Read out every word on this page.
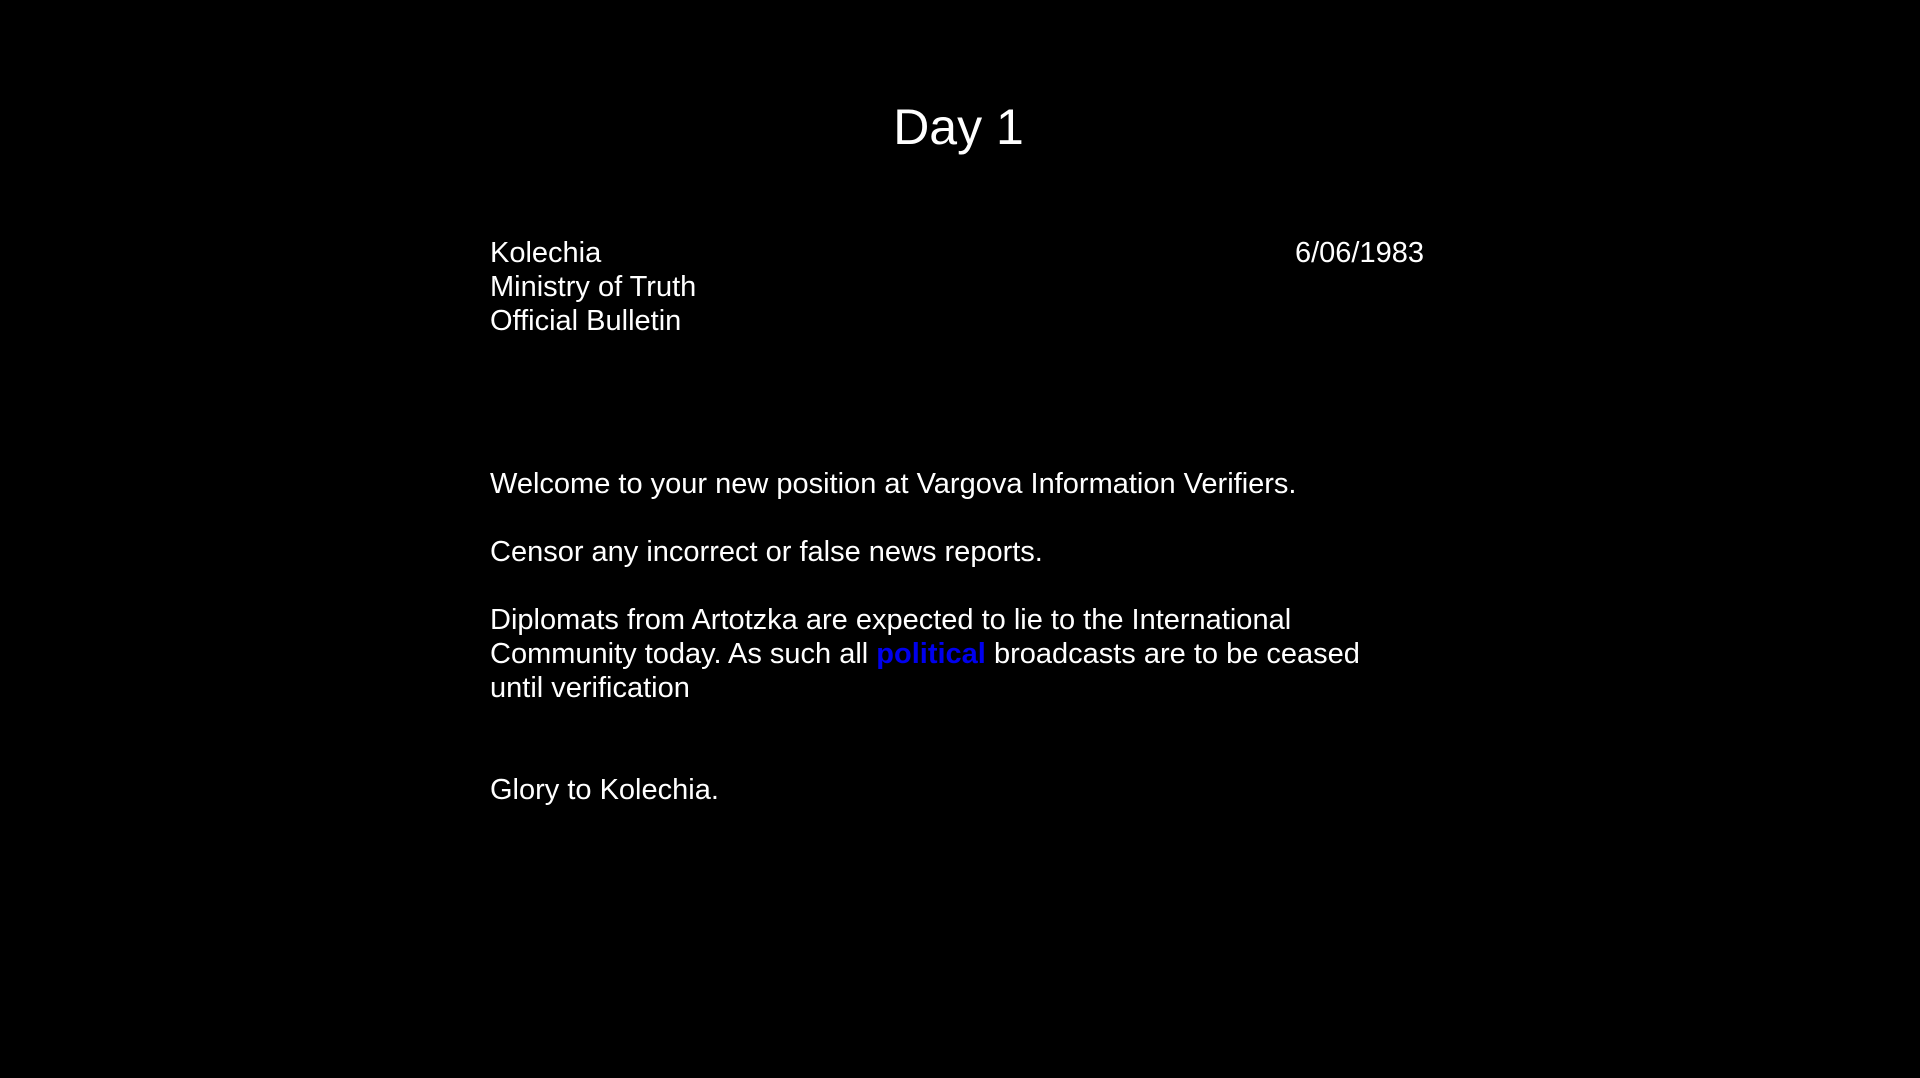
Day 1
Kolechia
Ministry of Truth
Official Bulletin
6/06/1983
Welcome to your new position at Vargova Information Verifiers.
Censor any incorrect or false news reports.
Diplomats from Artotzka are expected to lie to the International
Community today. As such all political broadcasts are to be ceased
until verification
Glory to Kolechia.
